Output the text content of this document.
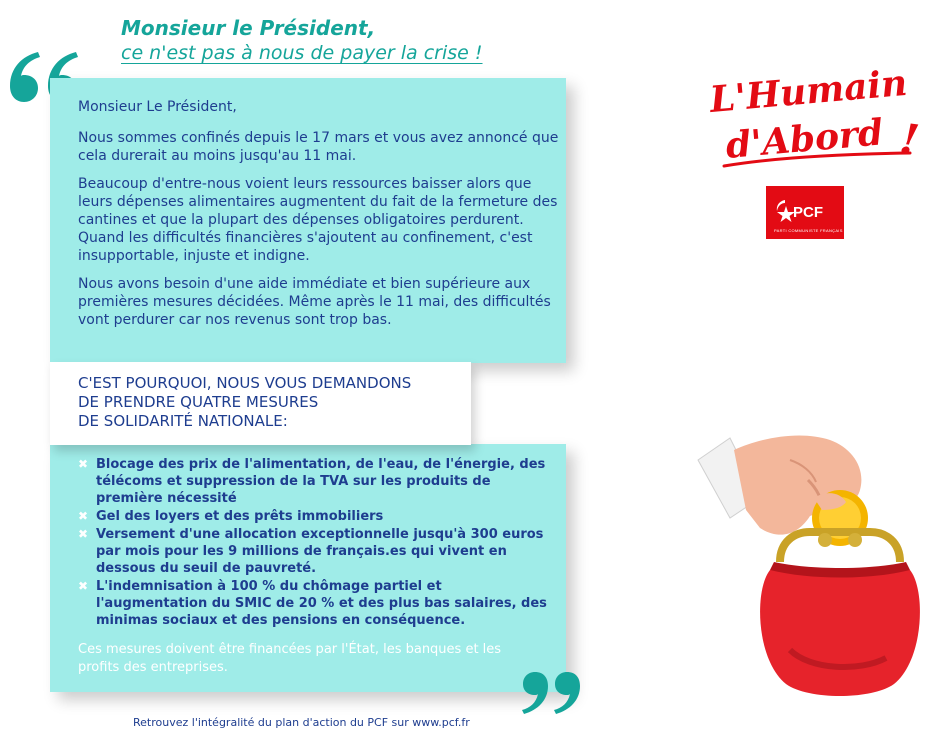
Monsieur le Président,
ce n'est pas à nous de payer la crise !

Monsieur Le Président,

Nous sommes confinés depuis le 17 mars et vous avez annoncé que cela durerait au moins jusqu'au 11 mai.

Beaucoup d'entre-nous voient leurs ressources baisser alors que leurs dépenses alimentaires augmentent du fait de la fermeture des cantines et que la plupart des dépenses obligatoires perdurent. Quand les difficultés financières s'ajoutent au confinement, c'est insupportable, injuste et indigne.

Nous avons besoin d'une aide immédiate et bien supérieure aux premières mesures décidées. Même après le 11 mai, des difficultés vont perdurer car nos revenus sont trop bas.

C'EST POURQUOI, NOUS VOUS DEMANDONS
DE PRENDRE QUATRE MESURES
DE SOLIDARITÉ NATIONALE:
✖ Blocage des prix de l'alimentation, de l'eau, de l'énergie, des télécoms et suppression de la TVA sur les produits de première nécessité
✖ Gel des loyers et des prêts immobiliers
✖ Versement d'une allocation exceptionnelle jusqu'à 300 euros par mois pour les 9 millions de français.es qui vivent en dessous du seuil de pauvreté.
✖ L'indemnisation à 100 % du chômage partiel et l'augmentation du SMIC de 20 % et des plus bas salaires, des minimas sociaux et des pensions en conséquence.

Ces mesures doivent être financées par l'État, les banques et les profits des entreprises.

Retrouvez l'intégralité du plan d'action du PCF sur www.pcf.fr
L'Humain
d'Abord !
PCF
PARTI COMMUNISTE FRANÇAIS
